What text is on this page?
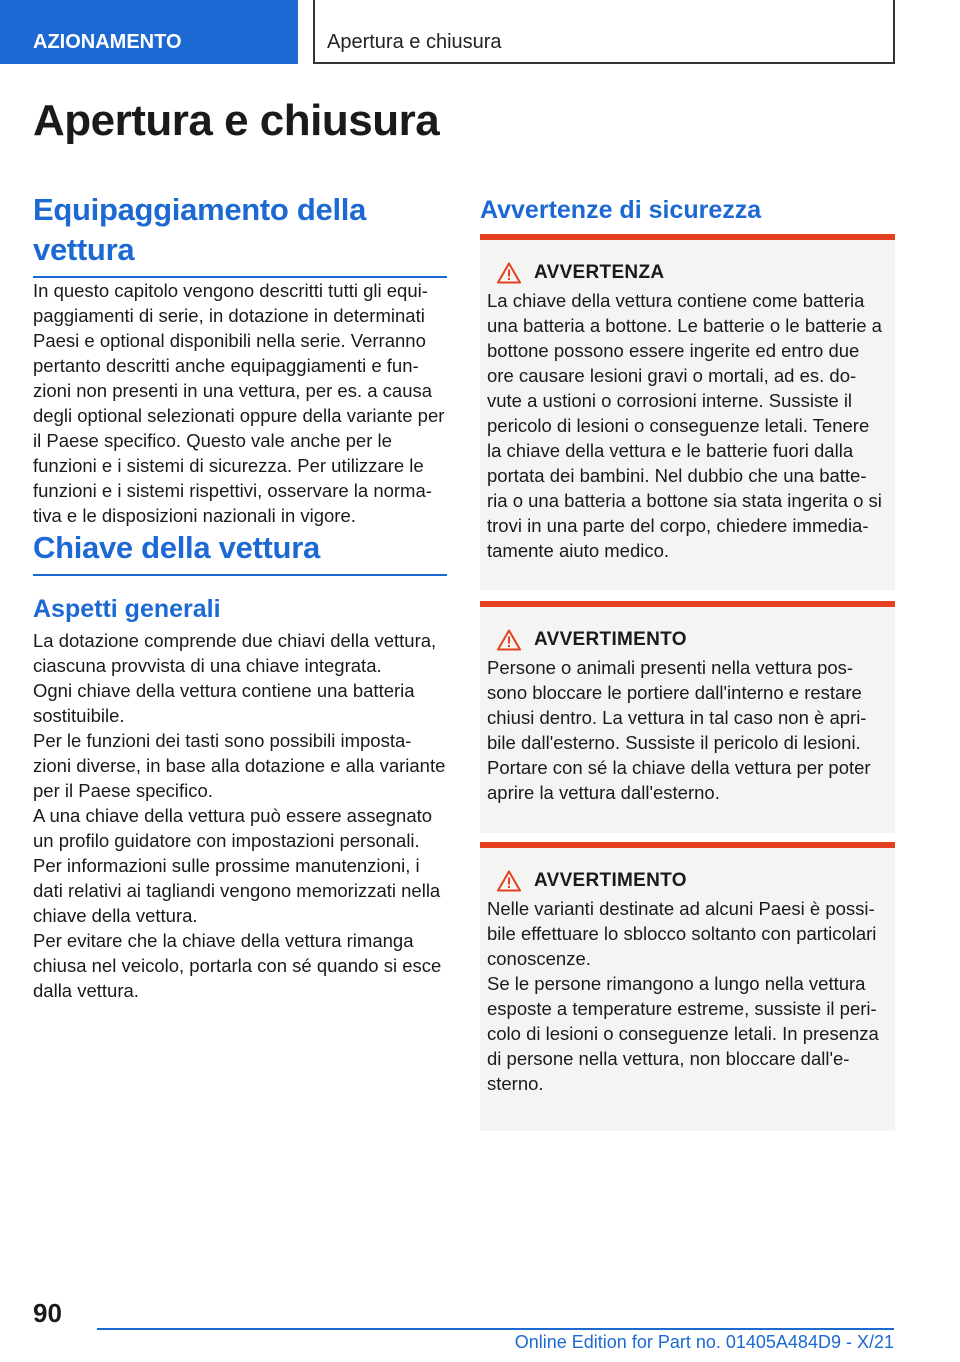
AZIONAMENTO	Apertura e chiusura
Apertura e chiusura
Equipaggiamento della
vettura

In questo capitolo vengono descritti tutti gli equi-paggiamenti di serie, in dotazione in determinati Paesi e optional disponibili nella serie. Verranno pertanto descritti anche equipaggiamenti e fun-zioni non presenti in una vettura, per es. a causa degli optional selezionati oppure della variante per il Paese specifico. Questo vale anche per le funzioni e i sistemi di sicurezza. Per utilizzare le funzioni e i sistemi rispettivi, osservare la norma-tiva e le disposizioni nazionali in vigore.

Chiave della vettura
Aspetti generali

La dotazione comprende due chiavi della vettura, ciascuna provvista di una chiave integrata.

Ogni chiave della vettura contiene una batteria sostituibile.

Per le funzioni dei tasti sono possibili imposta-zioni diverse, in base alla dotazione e alla variante per il Paese specifico.

A una chiave della vettura può essere assegnato un profilo guidatore con impostazioni personali.

Per informazioni sulle prossime manutenzioni, i dati relativi ai tagliandi vengono memorizzati nella chiave della vettura.

Per evitare che la chiave della vettura rimanga chiusa nel veicolo, portarla con sé quando si esce dalla vettura.

Avvertenze di sicurezza
AVVERTENZA

La chiave della vettura contiene come batteria una batteria a bottone. Le batterie o le batterie a bottone possono essere ingerite ed entro due ore causare lesioni gravi o mortali, ad es. do-vute a ustioni o corrosioni interne. Sussiste il pericolo di lesioni o conseguenze letali. Tenere la chiave della vettura e le batterie fuori dalla portata dei bambini. Nel dubbio che una batte-ria o una batteria a bottone sia stata ingerita o si trovi in una parte del corpo, chiedere immedia-tamente aiuto medico.

AVVERTIMENTO

Persone o animali presenti nella vettura pos-sono bloccare le portiere dall'interno e restare chiusi dentro. La vettura in tal caso non è apri-bile dall'esterno. Sussiste il pericolo di lesioni. Portare con sé la chiave della vettura per poter aprire la vettura dall'esterno.

AVVERTIMENTO

Nelle varianti destinate ad alcuni Paesi è possi-bile effettuare lo sblocco soltanto con particolari conoscenze.

Se le persone rimangono a lungo nella vettura esposte a temperature estreme, sussiste il peri-colo di lesioni o conseguenze letali. In presenza di persone nella vettura, non bloccare dall'e-sterno.

90
Online Edition for Part no. 01405A484D9 - X/21
